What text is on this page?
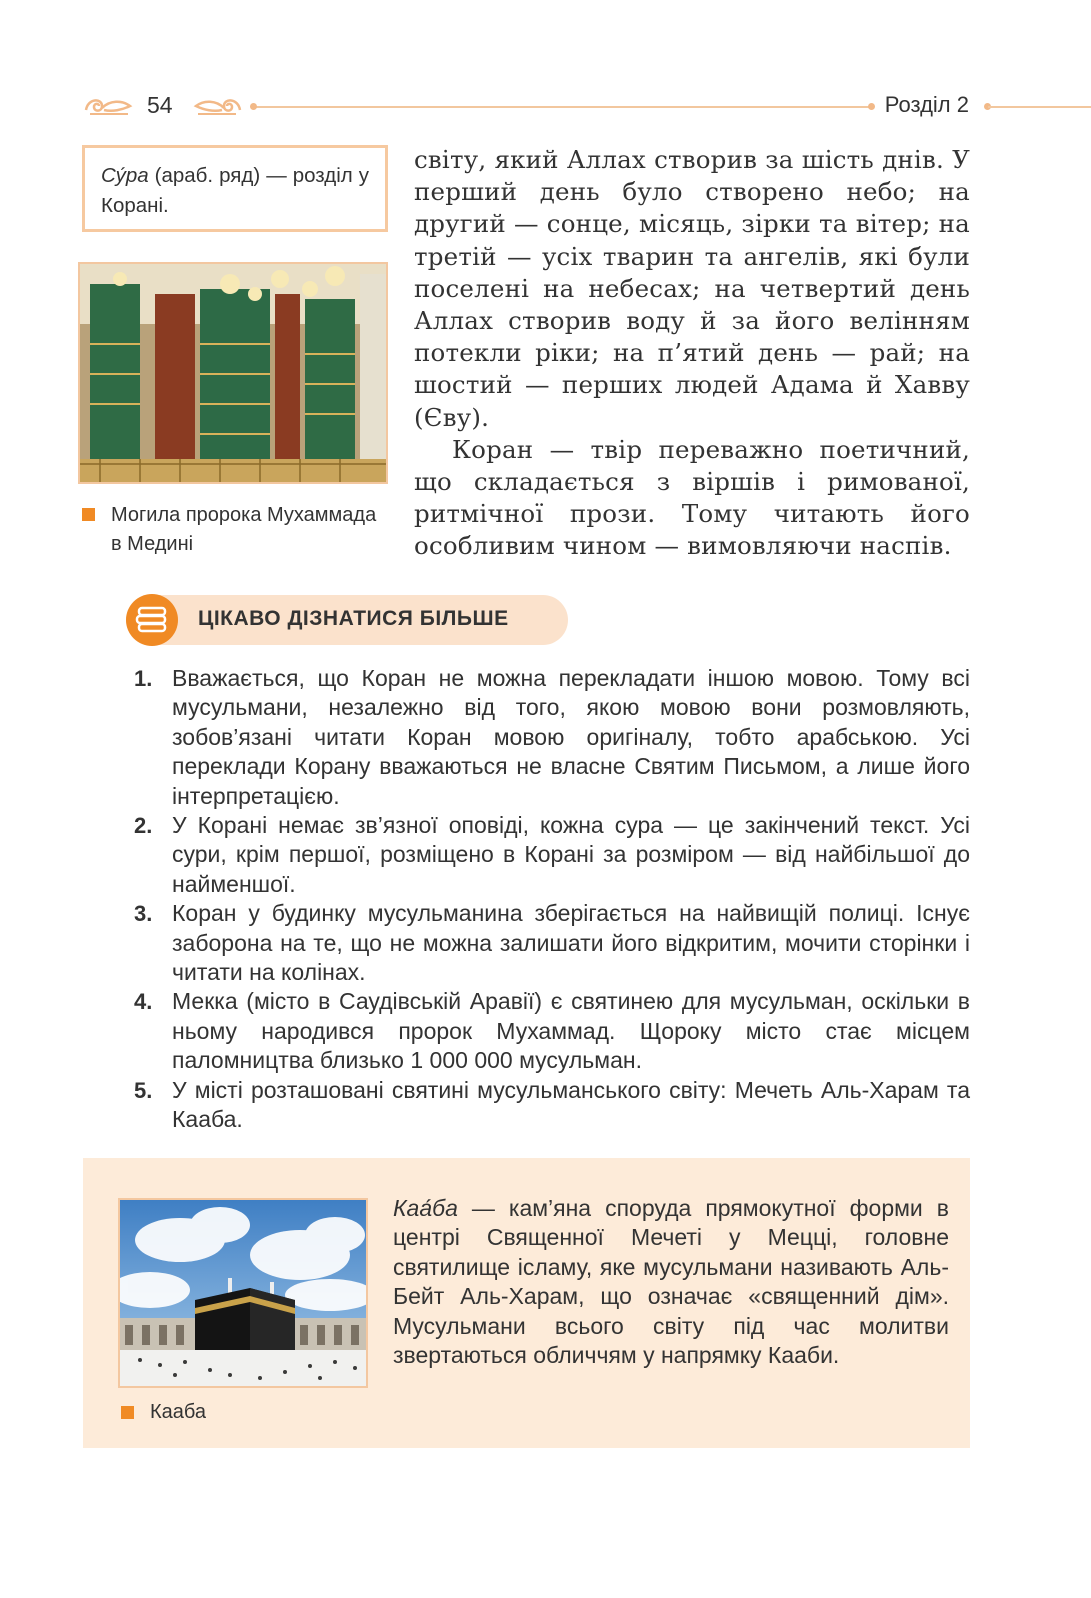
54	Розділ 2
Су́ра (араб. ряд) — розділ у Корані.
Могила пророка Мухаммада в Медині

світу, який Аллах створив за шість днів. У перший день було створено небо; на другий — сонце, місяць, зірки та вітер; на третій — усіх тварин та ангелів, які були поселені на небесах; на четвертий день Аллах створив воду й за його велінням потекли ріки; на п’ятий день — рай; на шостий — перших людей Адама й Хавву (Єву).

Коран — твір переважно поетичний, що складається з віршів і римованої, ритмічної прози. Тому читають його особливим чином — вимовляючи наспів.

ЦІКАВО ДІЗНАТИСЯ БІЛЬШЕ
1. Вважається, що Коран не можна перекладати іншою мовою. Тому всі мусульмани, незалежно від того, якою мовою вони розмовляють, зобов’язані читати Коран мовою оригіналу, тобто арабською. Усі переклади Корану вважаються не власне Святим Письмом, а лише його інтерпретацією.
2. У Корані немає зв’язної оповіді, кожна сура — це закінчений текст. Усі сури, крім першої, розміщено в Корані за розміром — від найбільшої до найменшої.
3. Коран у будинку мусульманина зберігається на найвищій полиці. Існує заборона на те, що не можна залишати його відкритим, мочити сторінки і читати на колінах.
4. Мекка (місто в Саудівській Аравії) є святинею для мусульман, оскільки в ньому народився пророк Мухаммад. Щороку місто стає місцем паломництва близько 1 000 000 мусульман.
5. У місті розташовані святині мусульманського світу: Мечеть Аль-Харам та Кааба.
Каа́ба — кам’яна споруда прямокутної форми в центрі Священної Мечеті у Мецці, головне святилище ісламу, яке мусульмани називають Аль-Бейт Аль-Харам, що означає «священний дім». Мусульмани всього світу під час молитви звертаються обличчям у напрямку Кааби.
Кааба
